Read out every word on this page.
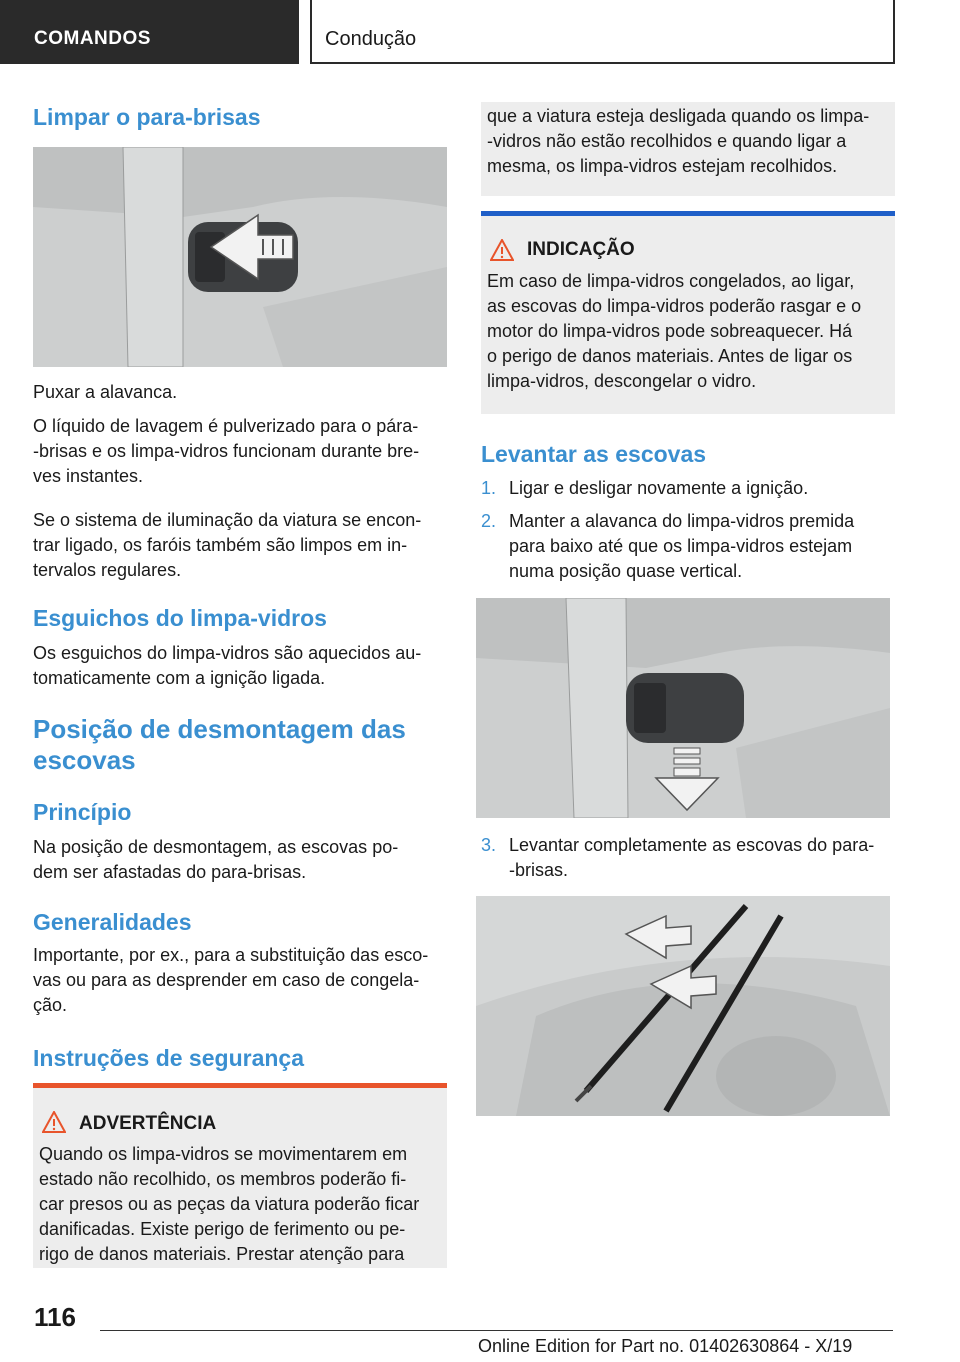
COMANDOS	Condução
Limpar o para-brisas
Puxar a alavanca.
O líquido de lavagem é pulverizado para o pára-
-brisas e os limpa-vidros funcionam durante bre-
ves instantes.
Se o sistema de iluminação da viatura se encon-
trar ligado, os faróis também são limpos em in-
tervalos regulares.
Esguichos do limpa-vidros
Os esguichos do limpa-vidros são aquecidos au-
tomaticamente com a ignição ligada.
Posição de desmontagem das
escovas
Princípio
Na posição de desmontagem, as escovas po-
dem ser afastadas do para-brisas.
Generalidades
Importante, por ex., para a substituição das esco-
vas ou para as desprender em caso de congela-
ção.
Instruções de segurança
ADVERTÊNCIA
Quando os limpa-vidros se movimentarem em
estado não recolhido, os membros poderão fi-
car presos ou as peças da viatura poderão ficar
danificadas. Existe perigo de ferimento ou pe-
rigo de danos materiais. Prestar atenção para
que a viatura esteja desligada quando os limpa-
-vidros não estão recolhidos e quando ligar a
mesma, os limpa-vidros estejam recolhidos.
INDICAÇÃO
Em caso de limpa-vidros congelados, ao ligar,
as escovas do limpa-vidros poderão rasgar e o
motor do limpa-vidros pode sobreaquecer. Há
o perigo de danos materiais. Antes de ligar os
limpa-vidros, descongelar o vidro.
Levantar as escovas
1. Ligar e desligar novamente a ignição.
2. Manter a alavanca do limpa-vidros premida
para baixo até que os limpa-vidros estejam
numa posição quase vertical.
3. Levantar completamente as escovas do para-
-brisas.
116
Online Edition for Part no. 01402630864 - X/19
